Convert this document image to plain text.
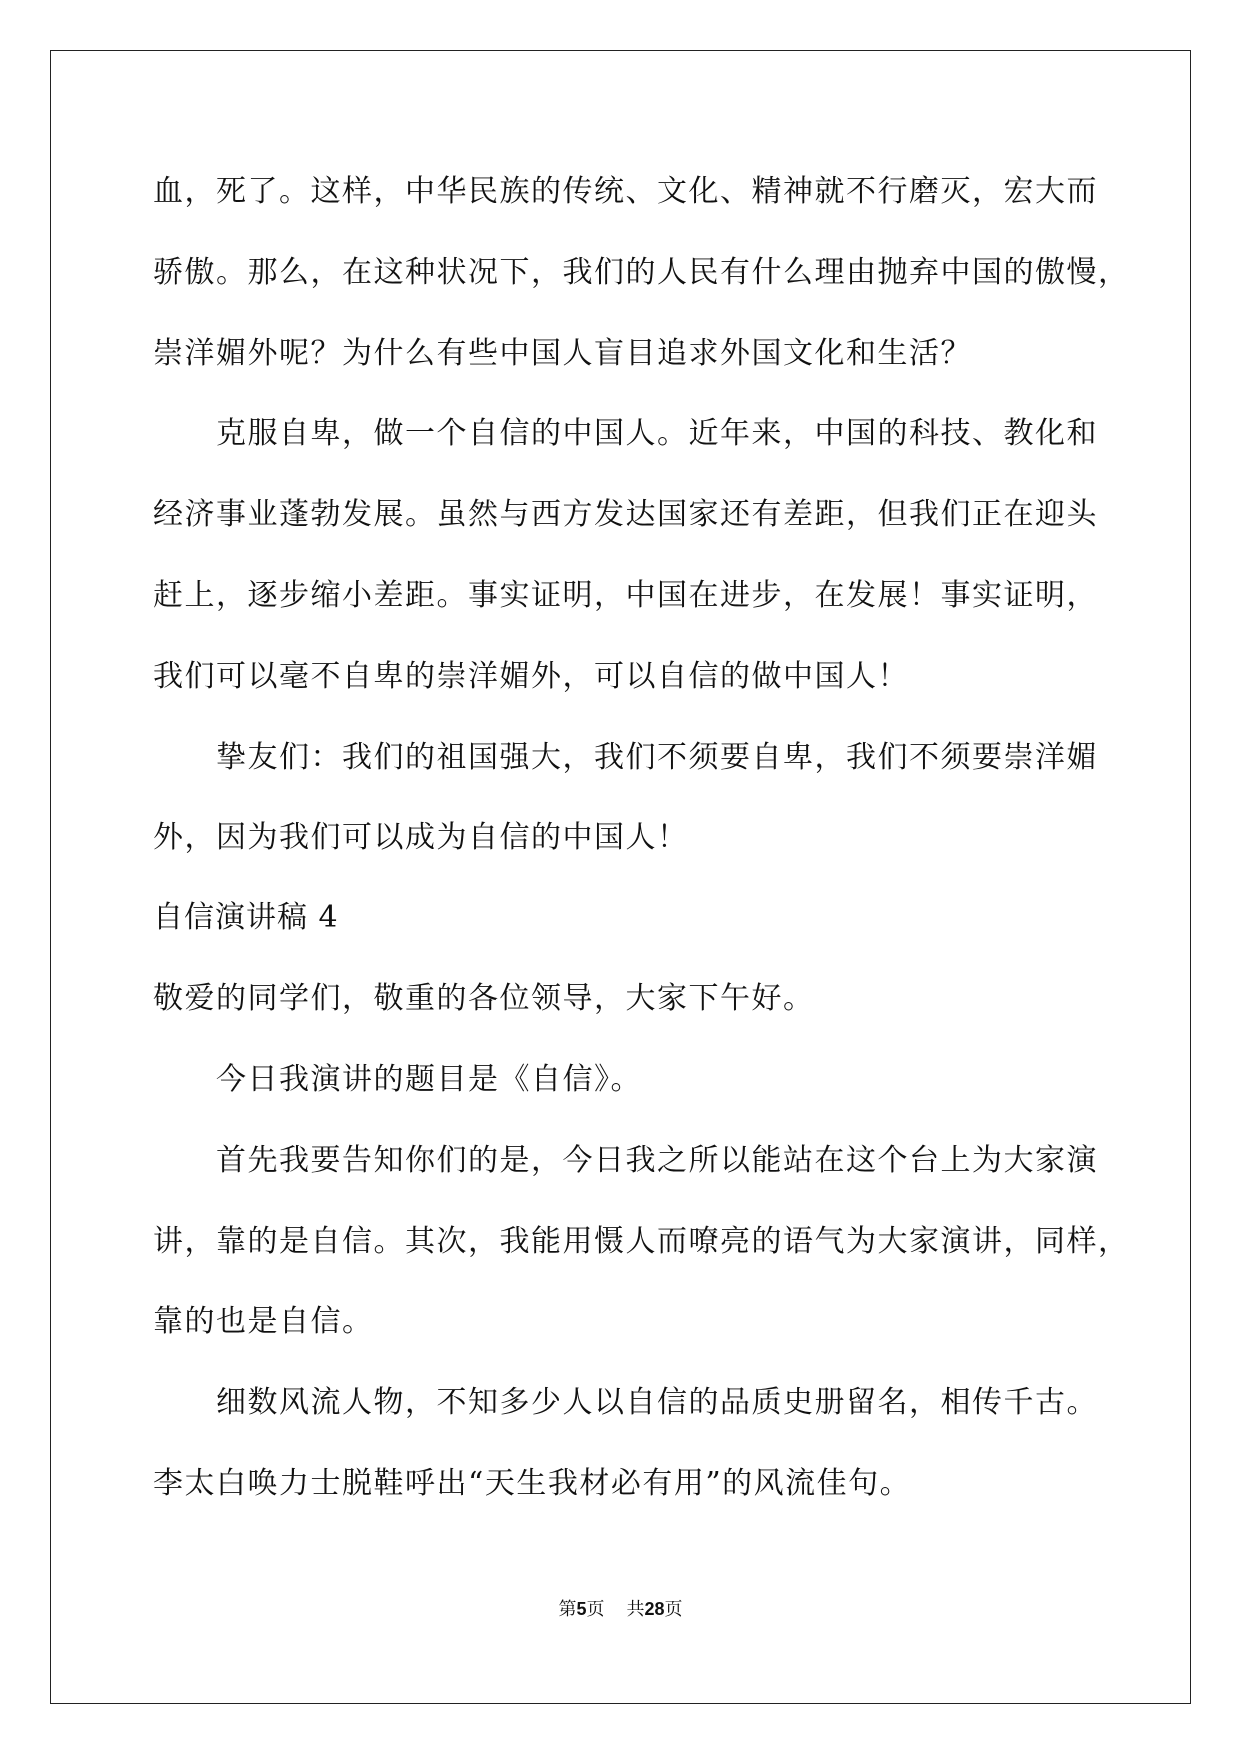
血，死了。这样，中华民族的传统、文化、精神就不行磨灭，宏大而
骄傲。那么，在这种状况下，我们的人民有什么理由抛弃中国的傲慢，
崇洋媚外呢？为什么有些中国人盲目追求外国文化和生活？
克服自卑，做一个自信的中国人。近年来，中国的科技、教化和
经济事业蓬勃发展。虽然与西方发达国家还有差距，但我们正在迎头
赶上，逐步缩小差距。事实证明，中国在进步，在发展！事实证明，
我们可以毫不自卑的崇洋媚外，可以自信的做中国人！
挚友们：我们的祖国强大，我们不须要自卑，我们不须要崇洋媚
外，因为我们可以成为自信的中国人！
自信演讲稿 4
敬爱的同学们，敬重的各位领导，大家下午好。
今日我演讲的题目是《自信》。
首先我要告知你们的是，今日我之所以能站在这个台上为大家演
讲，靠的是自信。其次，我能用慑人而嘹亮的语气为大家演讲，同样，
靠的也是自信。
细数风流人物，不知多少人以自信的品质史册留名，相传千古。
李太白唤力士脱鞋呼出“天生我材必有用”的风流佳句。
第5页 共28页
